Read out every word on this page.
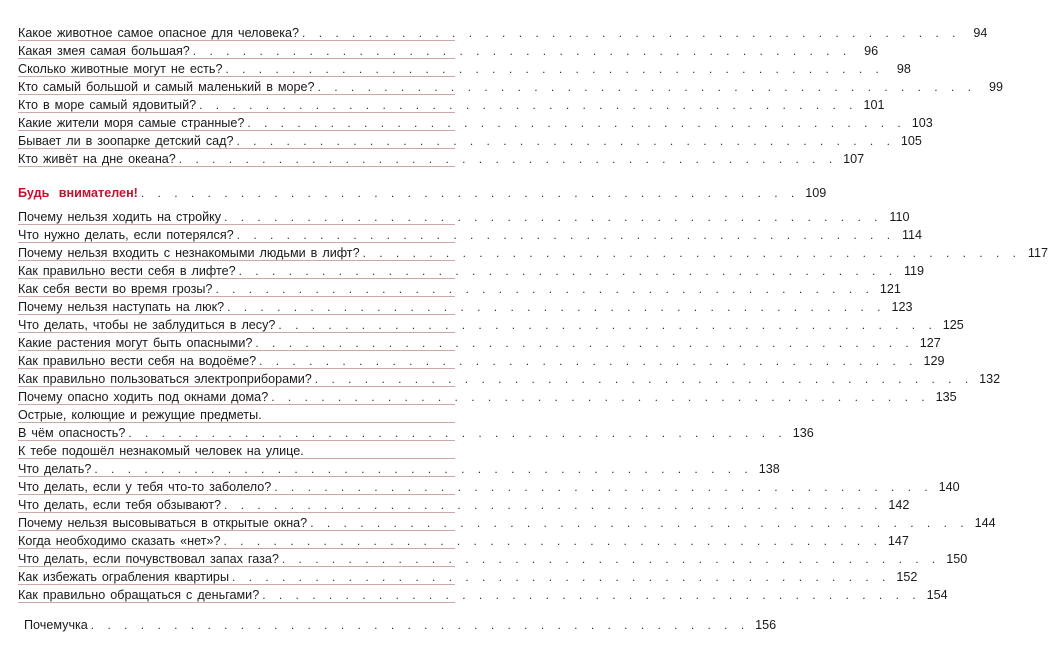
Какое животное самое опасное для человека? . . . . . . . . . . . . . . . . . . . . . . . . . . . . . . . . . . . . . . . .	94
Какая змея самая большая? . . . . . . . . . . . . . . . . . . . . . . . . . . . . . . . . . . . . . . . .	96
Сколько животные могут не есть? . . . . . . . . . . . . . . . . . . . . . . . . . . . . . . . . . . . . . . . .	98
Кто самый большой и самый маленький в море? . . . . . . . . . . . . . . . . . . . . . . . . . . . . . . . . . . . . . . . .	99
Кто в море самый ядовитый? . . . . . . . . . . . . . . . . . . . . . . . . . . . . . . . . . . . . . . . . 101
Какие жители моря самые странные? . . . . . . . . . . . . . . . . . . . . . . . . . . . . . . . . . . . . . . . . 103
Бывает ли в зоопарке детский сад? . . . . . . . . . . . . . . . . . . . . . . . . . . . . . . . . . . . . . . . . 105
Кто живёт на дне океана? . . . . . . . . . . . . . . . . . . . . . . . . . . . . . . . . . . . . . . . . 107
Будь внимателен! . . . . . . . . . . . . . . . . . . . . . . . . . . . . . . . . . . . . . . . . 109
Почему нельзя ходить на стройку . . . . . . . . . . . . . . . . . . . . . . . . . . . . . . . . . . . . . . . . 110
Что нужно делать, если потерялся? . . . . . . . . . . . . . . . . . . . . . . . . . . . . . . . . . . . . . . . . 114
Почему нельзя входить с незнакомыми людьми в лифт? . . . . . . . . . . . . . . . . . . . . . . . . . . . . . . . . . . . . . . . . 117
Как правильно вести себя в лифте? . . . . . . . . . . . . . . . . . . . . . . . . . . . . . . . . . . . . . . . . 119
Как себя вести во время грозы? . . . . . . . . . . . . . . . . . . . . . . . . . . . . . . . . . . . . . . . . 121
Почему нельзя наступать на люк? . . . . . . . . . . . . . . . . . . . . . . . . . . . . . . . . . . . . . . . . 123
Что делать, чтобы не заблудиться в лесу? . . . . . . . . . . . . . . . . . . . . . . . . . . . . . . . . . . . . . . . . 125
Какие растения могут быть опасными? . . . . . . . . . . . . . . . . . . . . . . . . . . . . . . . . . . . . . . . . 127
Как правильно вести себя на водоёме? . . . . . . . . . . . . . . . . . . . . . . . . . . . . . . . . . . . . . . . . 129
Как правильно пользоваться электроприборами? . . . . . . . . . . . . . . . . . . . . . . . . . . . . . . . . . . . . . . . . 132
Почему опасно ходить под окнами дома? . . . . . . . . . . . . . . . . . . . . . . . . . . . . . . . . . . . . . . . . 135
Острые, колющие и режущие предметы.
В чём опасность? . . . . . . . . . . . . . . . . . . . . . . . . . . . . . . . . . . . . . . . . 136
К тебе подошёл незнакомый человек на улице.
Что делать? . . . . . . . . . . . . . . . . . . . . . . . . . . . . . . . . . . . . . . . . 138
Что делать, если у тебя что-то заболело? . . . . . . . . . . . . . . . . . . . . . . . . . . . . . . . . . . . . . . . . 140
Что делать, если тебя обзывают? . . . . . . . . . . . . . . . . . . . . . . . . . . . . . . . . . . . . . . . . 142
Почему нельзя высовываться в открытые окна? . . . . . . . . . . . . . . . . . . . . . . . . . . . . . . . . . . . . . . . . 144
Когда необходимо сказать «нет»? . . . . . . . . . . . . . . . . . . . . . . . . . . . . . . . . . . . . . . . . 147
Что делать, если почувствовал запах газа? . . . . . . . . . . . . . . . . . . . . . . . . . . . . . . . . . . . . . . . . 150
Как избежать ограбления квартиры . . . . . . . . . . . . . . . . . . . . . . . . . . . . . . . . . . . . . . . . 152
Как правильно обращаться с деньгами? . . . . . . . . . . . . . . . . . . . . . . . . . . . . . . . . . . . . . . . . 154
Почемучка . . . . . . . . . . . . . . . . . . . . . . . . . . . . . . . . . . . . . . . . 156
